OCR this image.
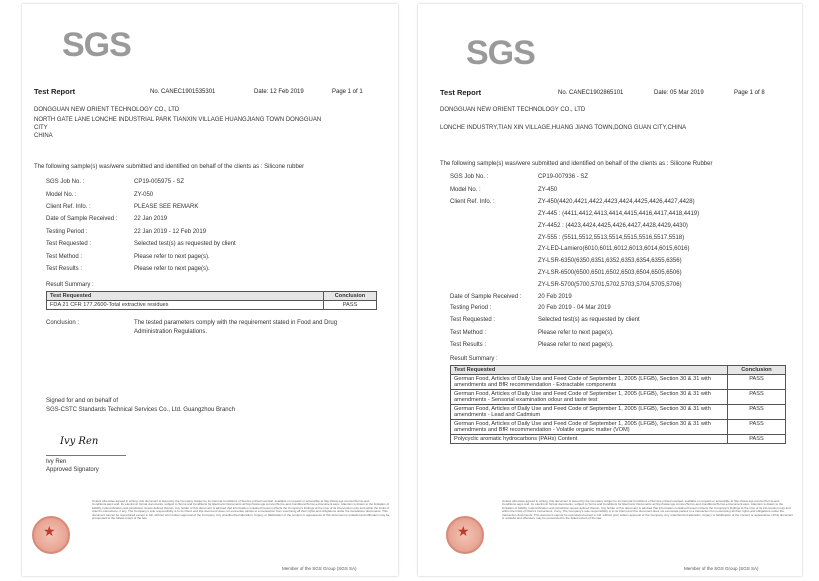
SGS
Test Report	No. CANEC1901535301	Date: 12 Feb 2019	Page 1 of 1
DONGGUAN NEW ORIENT TECHNOLOGY CO., LTD
NORTH GATE LANE LONCHE INDUSTRIAL PARK TIANXIN VILLAGE HUANGJIANG TOWN DONGGUAN
CITY
CHINA
The following sample(s) was/were submitted and identified on behalf of the clients as : Silicone rubber
SGS Job No. :	CP19-005975 - SZ
Model No. :	ZY-050
Client Ref. Info. :	PLEASE SEE REMARK
Date of Sample Received :	22 Jan 2019
Testing Period :	22 Jan 2019 - 12 Feb 2019
Test Requested :	Selected test(s) as requested by client
Test Method :	Please refer to next page(s).
Test Results :	Please refer to next page(s).
Result Summary :
Test Requested	Conclusion
FDA 21 CFR 177.2600-Total extractive residues	PASS
Conclusion :	The tested parameters comply with the requirement stated in Food and Drug
Administration Regulations.
Signed for and on behalf of
SGS-CSTC Standards Technical Services Co., Ltd. Guangzhou Branch
Ivy Ren
Ivy Ren
Approved Signatory
★
Unless otherwise agreed in writing, this document is issued by the Company subject to its General Conditions of Service printed overleaf, available on request or accessible at http://www.sgs.com/en/Terms-and-Conditions.aspx and, for electronic format documents, subject to Terms and Conditions for Electronic Documents at http://www.sgs.com/en/Terms-and-Conditions/Terms-e-Document.aspx. Attention is drawn to the limitation of liability, indemnification and jurisdiction issues defined therein. Any holder of this document is advised that information contained hereon reflects the Company's findings at the time of its intervention only and within the limits of Client's instructions, if any. The Company's sole responsibility is to its Client and this document does not exonerate parties to a transaction from exercising all their rights and obligations under the transaction documents. This document cannot be reproduced except in full, without prior written approval of the Company. Any unauthorized alteration, forgery or falsification of the content or appearance of this document is unlawful and offenders may be prosecuted to the fullest extent of the law.
Member of the SGS Group (SGS SA)
SGS
Test Report	No. CANEC1902865101	Date: 05 Mar 2019	Page 1 of 8
DONGGUAN NEW ORIENT TECHNOLOGY CO., LTD
LONCHE INDUSTRY,TIAN XIN VILLAGE,HUANG JIANG TOWN,DONG GUAN CITY,CHINA
The following sample(s) was/were submitted and identified on behalf of the clients as : Silicone Rubber
SGS Job No. :	CP19-007936 - SZ
Model No. :	ZY-450
Client Ref. Info. :	ZY-450(4420,4421,4422,4423,4424,4425,4426,4427,4428)
ZY-445 : (4411,4412,4413,4414,4415,4416,4417,4418,4419)
ZY-4452 : (4423,4424,4425,4426,4427,4428,4429,4430)
ZY-555 : (5511,5512,5513,5514,5515,5516,5517,5518)
ZY-LED-Lamiero(6010,6011,6012,6013,6014,6015,6016)
ZY-LSR-6350(6350,6351,6352,6353,6354,6355,6356)
ZY-LSR-6500(6500,6501,6502,6503,6504,6505,6506)
ZY-LSR-5700(5700,5701,5702,5703,5704,5705,5706)
Date of Sample Received :	20 Feb 2019
Testing Period :	20 Feb 2019 - 04 Mar 2019
Test Requested :	Selected test(s) as requested by client
Test Method :	Please refer to next page(s).
Test Results :	Please refer to next page(s).
Result Summary :
Test Requested	Conclusion
German Food, Articles of Daily Use and Feed Code of September 1, 2005 (LFGB), Section 30 & 31 with amendments and BfR recommendation - Extractable components	PASS
German Food, Articles of Daily Use and Feed Code of September 1, 2005 (LFGB), Section 30 & 31 with amendments - Sensorial examination odour and taste test	PASS
German Food, Articles of Daily Use and Feed Code of September 1, 2005 (LFGB), Section 30 & 31 with amendments - Lead and Cadmium	PASS
German Food, Articles of Daily Use and Feed Code of September 1, 2005 (LFGB), Section 30 & 31 with amendments and BfR recommendation - Volatile organic matter (VOM)	PASS
Polycyclic aromatic hydrocarbons (PAHs) Content	PASS
★
Unless otherwise agreed in writing, this document is issued by the Company subject to its General Conditions of Service printed overleaf, available on request or accessible at http://www.sgs.com/en/Terms-and-Conditions.aspx and, for electronic format documents, subject to Terms and Conditions for Electronic Documents at http://www.sgs.com/en/Terms-and-Conditions/Terms-e-Document.aspx. Attention is drawn to the limitation of liability, indemnification and jurisdiction issues defined therein. Any holder of this document is advised that information contained hereon reflects the Company's findings at the time of its intervention only and within the limits of Client's instructions, if any. The Company's sole responsibility is to its Client and this document does not exonerate parties to a transaction from exercising all their rights and obligations under the transaction documents. This document cannot be reproduced except in full, without prior written approval of the Company. Any unauthorized alteration, forgery or falsification of the content or appearance of this document is unlawful and offenders may be prosecuted to the fullest extent of the law.
Member of the SGS Group (SGS SA)
